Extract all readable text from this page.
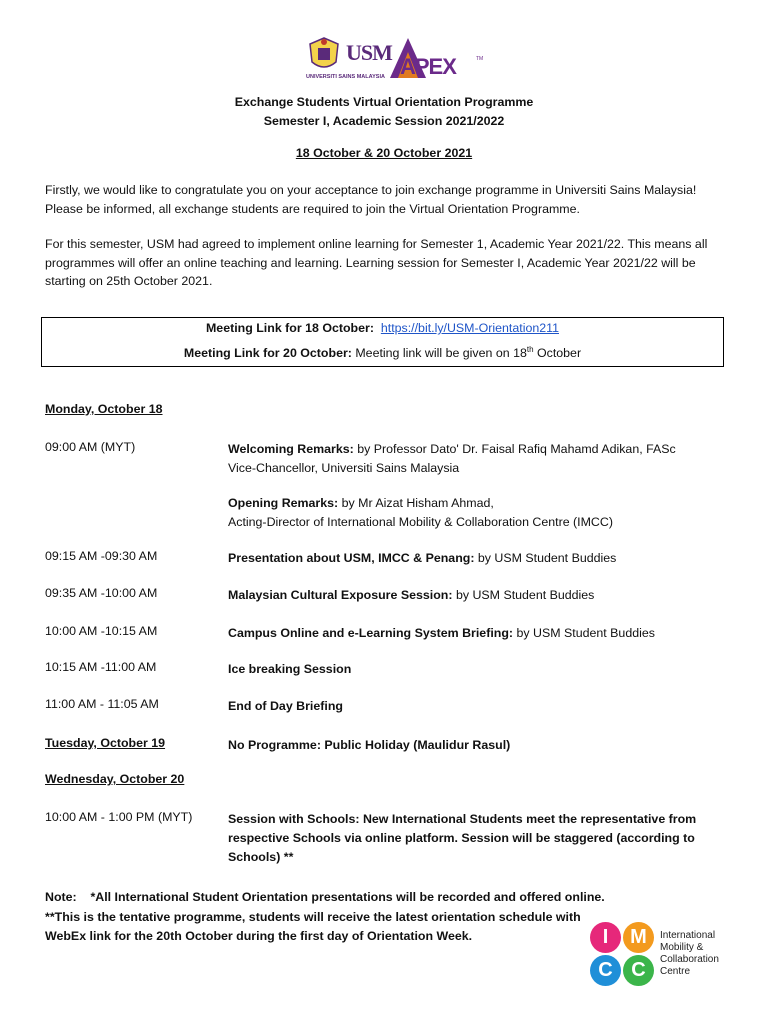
USM
UNIVERSITI SAINS MALAYSIA APEX	TM
Exchange Students Virtual Orientation Programme
Semester I, Academic Session 2021/2022
18 October & 20 October 2021
Firstly, we would like to congratulate you on your acceptance to join exchange programme in Universiti Sains Malaysia!
Please be informed, all exchange students are required to join the Virtual Orientation Programme.
For this semester, USM had agreed to implement online learning for Semester 1, Academic Year 2021/22. This means all
programmes will offer an online teaching and learning. Learning session for Semester I, Academic Year 2021/22 will be
starting on 25th October 2021.
Meeting Link for 18 October: https://bit.ly/USM-Orientation211
Meeting Link for 20 October: Meeting link will be given on 18th October
Monday, October 18
09:00 AM (MYT)	Welcoming Remarks: by Professor Dato' Dr. Faisal Rafiq Mahamd Adikan, FASc
Vice-Chancellor, Universiti Sains Malaysia
Opening Remarks: by Mr Aizat Hisham Ahmad,
Acting-Director of International Mobility & Collaboration Centre (IMCC)
09:15 AM -09:30 AM	Presentation about USM, IMCC & Penang: by USM Student Buddies
09:35 AM -10:00 AM	Malaysian Cultural Exposure Session: by USM Student Buddies
10:00 AM -10:15 AM	Campus Online and e-Learning System Briefing: by USM Student Buddies
10:15 AM -11:00 AM	Ice breaking Session
11:00 AM - 11:05 AM	End of Day Briefing
Tuesday, October 19	No Programme: Public Holiday (Maulidur Rasul)
Wednesday, October 20
10:00 AM - 1:00 PM (MYT)	Session with Schools: New International Students meet the representative from
respective Schools via online platform. Session will be staggered (according to
Schools) **
Note: *All International Student Orientation presentations will be recorded and offered online.
**This is the tentative programme, students will receive the latest orientation schedule with
WebEx link for the 20th October during the first day of Orientation Week.	I	M
C C
International
Mobility &
Collaboration
Centre
